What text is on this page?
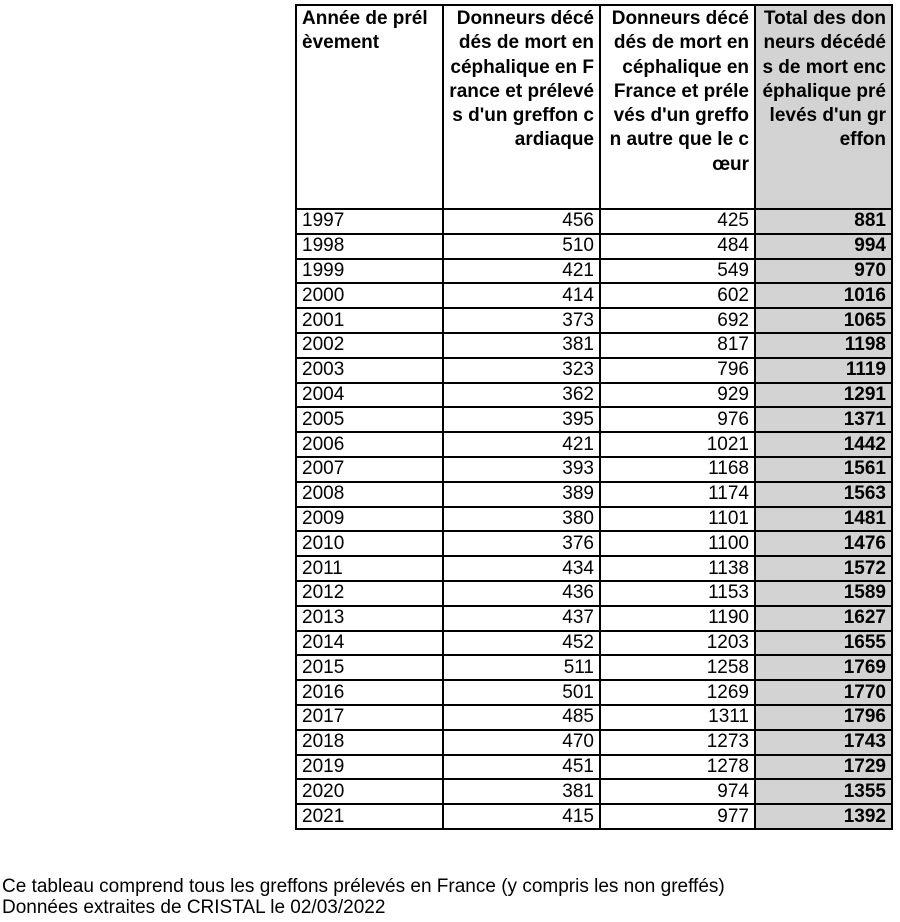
Année de prélèvement	Donneurs décédés de mort encéphalique en France et prélevés d'un greffon cardiaque	Donneurs décédés de mort encéphalique en France et prélevés d'un greffon autre que le cœur	Total des donneurs décédés de mort encéphalique prélevés d'un greffon
1997	456	425	881
1998	510	484	994
1999	421	549	970
2000	414	602	1016
2001	373	692	1065
2002	381	817	1198
2003	323	796	1119
2004	362	929	1291
2005	395	976	1371
2006	421	1021	1442
2007	393	1168	1561
2008	389	1174	1563
2009	380	1101	1481
2010	376	1100	1476
2011	434	1138	1572
2012	436	1153	1589
2013	437	1190	1627
2014	452	1203	1655
2015	511	1258	1769
2016	501	1269	1770
2017	485	1311	1796
2018	470	1273	1743
2019	451	1278	1729
2020	381	974	1355
2021	415	977	1392

Ce tableau comprend tous les greffons prélevés en France (y compris les non greffés)

Données extraites de CRISTAL le 02/03/2022
